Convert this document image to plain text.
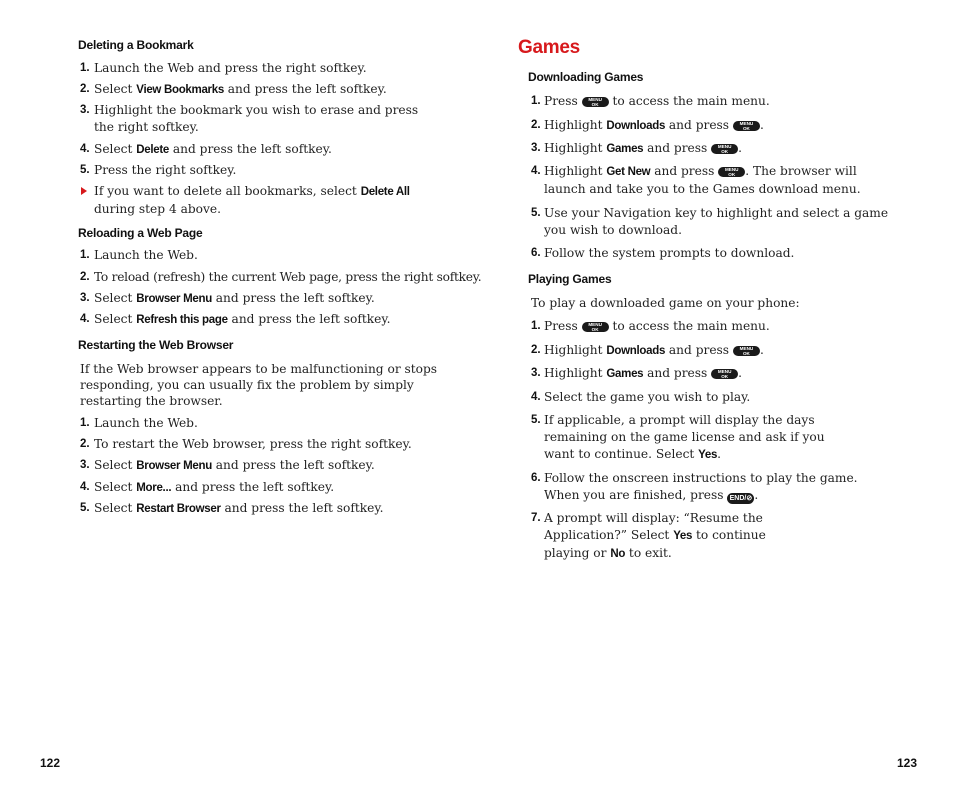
Deleting a Bookmark
1. Launch the Web and press the right softkey.
2. Select View Bookmarks and press the left softkey.
3. Highlight the bookmark you wish to erase and press the right softkey.
4. Select Delete and press the left softkey.
5. Press the right softkey.
If you want to delete all bookmarks, select Delete All during step 4 above.
Reloading a Web Page
1. Launch the Web.
2. To reload (refresh) the current Web page, press the right softkey.
3. Select Browser Menu and press the left softkey.
4. Select Refresh this page and press the left softkey.
Restarting the Web Browser
If the Web browser appears to be malfunctioning or stops responding, you can usually fix the problem by simply restarting the browser.
1. Launch the Web.
2. To restart the Web browser, press the right softkey.
3. Select Browser Menu and press the left softkey.
4. Select More... and press the left softkey.
5. Select Restart Browser and press the left softkey.
122
Games
Downloading Games
1. Press	MENU
OK to access the main menu.
2. Highlight Downloads and press	MENU
OK .
3. Highlight Games and press	MENU
OK .
4. Highlight Get New and press	MENU
OK . The browser will launch and take you to the Games download menu.
5. Use your Navigation key to highlight and select a game you wish to download.
6. Follow the system prompts to download.
Playing Games
To play a downloaded game on your phone:
1. Press	MENU
OK to access the main menu.
2. Highlight Downloads and press	MENU
OK .
3. Highlight Games and press	MENU
OK .
4. Select the game you wish to play.
5. If applicable, a prompt will display the days remaining on the game license and ask if you want to continue. Select Yes.
6. Follow the onscreen instructions to play the game. When you are finished, press END/⊘ .
7. A prompt will display: “Resume the Application?” Select Yes to continue playing or No to exit.
123
